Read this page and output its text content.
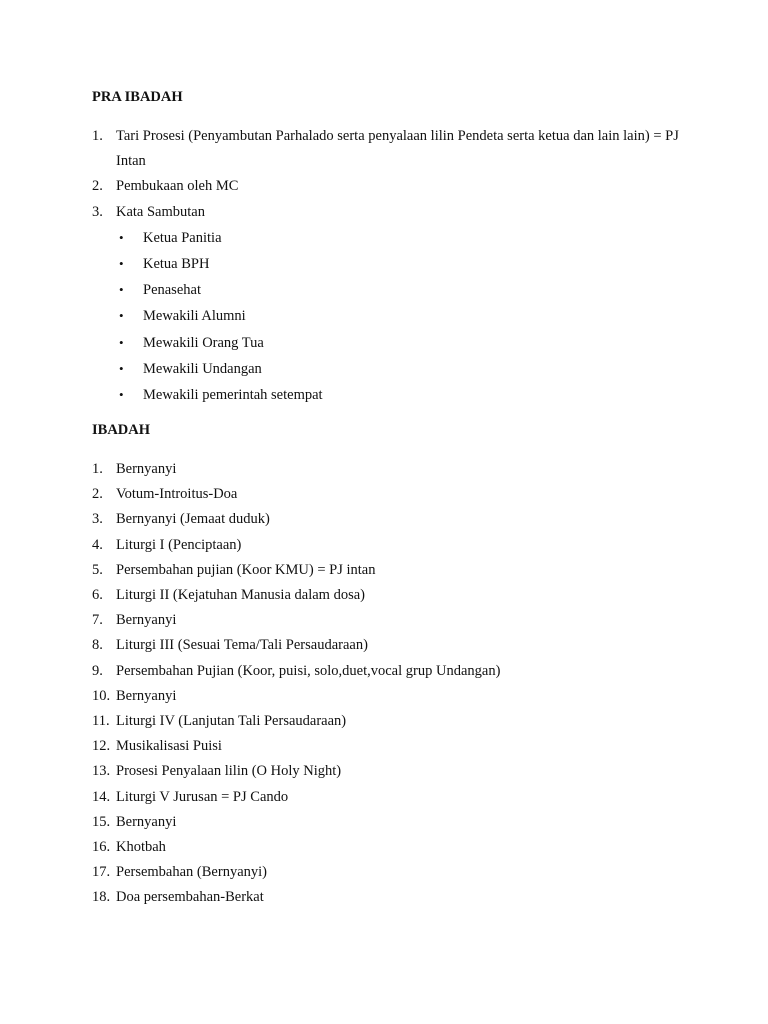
PRA IBADAH
1. Tari Prosesi (Penyambutan Parhalado serta penyalaan lilin Pendeta serta ketua dan lain lain) = PJ Intan
2. Pembukaan oleh MC
3. Kata Sambutan
• Ketua Panitia
• Ketua BPH
• Penasehat
• Mewakili Alumni
• Mewakili Orang Tua
• Mewakili Undangan
• Mewakili pemerintah setempat
IBADAH
1. Bernyanyi
2. Votum-Introitus-Doa
3. Bernyanyi (Jemaat duduk)
4. Liturgi I (Penciptaan)
5. Persembahan pujian (Koor KMU) = PJ intan
6. Liturgi II (Kejatuhan Manusia dalam dosa)
7. Bernyanyi
8. Liturgi III (Sesuai Tema/Tali Persaudaraan)
9. Persembahan Pujian (Koor, puisi, solo,duet,vocal grup Undangan)
10. Bernyanyi
11. Liturgi IV (Lanjutan Tali Persaudaraan)
12. Musikalisasi Puisi
13. Prosesi Penyalaan lilin (O Holy Night)
14. Liturgi V Jurusan = PJ Cando
15. Bernyanyi
16. Khotbah
17. Persembahan (Bernyanyi)
18. Doa persembahan-Berkat
